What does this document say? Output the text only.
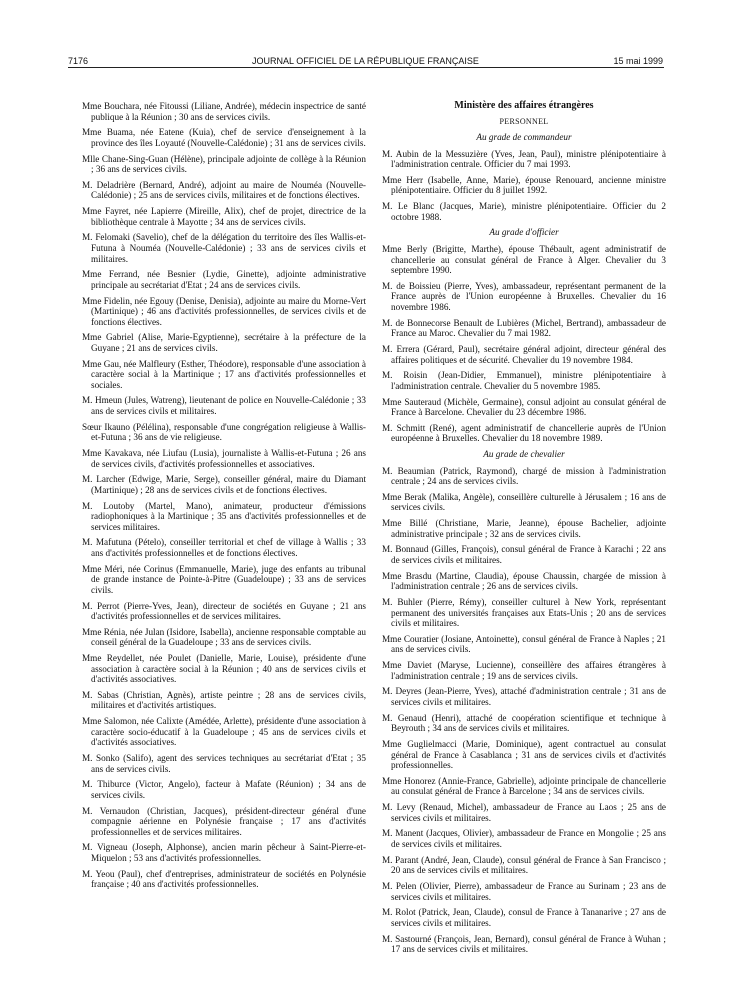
7176	JOURNAL OFFICIEL DE LA RÉPUBLIQUE FRANÇAISE	15 mai 1999

Mme Bouchara, née Fitoussi (Liliane, Andrée), médecin inspectrice de santé publique à la Réunion ; 30 ans de services civils.

Mme Buama, née Eatene (Kuia), chef de service d'enseignement à la province des îles Loyauté (Nouvelle-Calédonie) ; 31 ans de services civils.

Mlle Chane-Sing-Guan (Hélène), principale adjointe de collège à la Réunion ; 36 ans de services civils.

M. Deladrière (Bernard, André), adjoint au maire de Nouméa (Nouvelle-Calédonie) ; 25 ans de services civils, militaires et de fonctions électives.

Mme Fayret, née Lapierre (Mireille, Alix), chef de projet, directrice de la bibliothèque centrale à Mayotte ; 34 ans de services civils.

M. Felomaki (Savelio), chef de la délégation du territoire des îles Wallis-et-Futuna à Nouméa (Nouvelle-Calédonie) ; 33 ans de services civils et militaires.

Mme Ferrand, née Besnier (Lydie, Ginette), adjointe administrative principale au secrétariat d'Etat ; 24 ans de services civils.

Mme Fidelin, née Egouy (Denise, Denisia), adjointe au maire du Morne-Vert (Martinique) ; 46 ans d'activités professionnelles, de services civils et de fonctions électives.

Mme Gabriel (Alise, Marie-Egyptienne), secrétaire à la préfecture de la Guyane ; 21 ans de services civils.

Mme Gau, née Malfleury (Esther, Théodore), responsable d'une association à caractère social à la Martinique ; 17 ans d'activités professionnelles et sociales.

M. Hmeun (Jules, Watreng), lieutenant de police en Nouvelle-Calédonie ; 33 ans de services civils et militaires.

Sœur Ikauno (Pélélina), responsable d'une congrégation religieuse à Wallis-et-Futuna ; 36 ans de vie religieuse.

Mme Kavakava, née Liufau (Lusia), journaliste à Wallis-et-Futuna ; 26 ans de services civils, d'activités professionnelles et associatives.

M. Larcher (Edwige, Marie, Serge), conseiller général, maire du Diamant (Martinique) ; 28 ans de services civils et de fonctions électives.

M. Loutoby (Martel, Mano), animateur, producteur d'émissions radiophoniques à la Martinique ; 35 ans d'activités professionnelles et de services militaires.

M. Mafutuna (Pételo), conseiller territorial et chef de village à Wallis ; 33 ans d'activités professionnelles et de fonctions électives.

Mme Méri, née Corinus (Emmanuelle, Marie), juge des enfants au tribunal de grande instance de Pointe-à-Pitre (Guadeloupe) ; 33 ans de services civils.

M. Perrot (Pierre-Yves, Jean), directeur de sociétés en Guyane ; 21 ans d'activités professionnelles et de services militaires.

Mme Rénia, née Julan (Isidore, Isabella), ancienne responsable comptable au conseil général de la Guadeloupe ; 33 ans de services civils.

Mme Reydellet, née Poulet (Danielle, Marie, Louise), présidente d'une association à caractère social à la Réunion ; 40 ans de services civils et d'activités associatives.

M. Sabas (Christian, Agnès), artiste peintre ; 28 ans de services civils, militaires et d'activités artistiques.

Mme Salomon, née Calixte (Amédée, Arlette), présidente d'une association à caractère socio-éducatif à la Guadeloupe ; 45 ans de services civils et d'activités associatives.

M. Sonko (Salifo), agent des services techniques au secrétariat d'Etat ; 35 ans de services civils.

M. Thiburce (Victor, Angelo), facteur à Mafate (Réunion) ; 34 ans de services civils.

M. Vernaudon (Christian, Jacques), président-directeur général d'une compagnie aérienne en Polynésie française ; 17 ans d'activités professionnelles et de services militaires.

M. Vigneau (Joseph, Alphonse), ancien marin pêcheur à Saint-Pierre-et-Miquelon ; 53 ans d'activités professionnelles.

M. Yeou (Paul), chef d'entreprises, administrateur de sociétés en Polynésie française ; 40 ans d'activités professionnelles.

Ministère des affaires étrangères

PERSONNEL

Au grade de commandeur

M. Aubin de la Messuzière (Yves, Jean, Paul), ministre plénipotentiaire à l'administration centrale. Officier du 7 mai 1993.

Mme Herr (Isabelle, Anne, Marie), épouse Renouard, ancienne ministre plénipotentiaire. Officier du 8 juillet 1992.

M. Le Blanc (Jacques, Marie), ministre plénipotentiaire. Officier du 2 octobre 1988.

Au grade d'officier

Mme Berly (Brigitte, Marthe), épouse Thébault, agent administratif de chancellerie au consulat général de France à Alger. Chevalier du 3 septembre 1990.

M. de Boissieu (Pierre, Yves), ambassadeur, représentant permanent de la France auprès de l'Union européenne à Bruxelles. Chevalier du 16 novembre 1986.

M. de Bonnecorse Benault de Lubières (Michel, Bertrand), ambassadeur de France au Maroc. Chevalier du 7 mai 1982.

M. Errera (Gérard, Paul), secrétaire général adjoint, directeur général des affaires politiques et de sécurité. Chevalier du 19 novembre 1984.

M. Roisin (Jean-Didier, Emmanuel), ministre plénipotentiaire à l'administration centrale. Chevalier du 5 novembre 1985.

Mme Sauteraud (Michèle, Germaine), consul adjoint au consulat général de France à Barcelone. Chevalier du 23 décembre 1986.

M. Schmitt (René), agent administratif de chancellerie auprès de l'Union européenne à Bruxelles. Chevalier du 18 novembre 1989.

Au grade de chevalier

M. Beaumian (Patrick, Raymond), chargé de mission à l'administration centrale ; 24 ans de services civils.

Mme Berak (Malika, Angèle), conseillère culturelle à Jérusalem ; 16 ans de services civils.

Mme Billé (Christiane, Marie, Jeanne), épouse Bachelier, adjointe administrative principale ; 32 ans de services civils.

M. Bonnaud (Gilles, François), consul général de France à Karachi ; 22 ans de services civils et militaires.

Mme Brasdu (Martine, Claudia), épouse Chaussin, chargée de mission à l'administration centrale ; 26 ans de services civils.

M. Buhler (Pierre, Rémy), conseiller culturel à New York, représentant permanent des universités françaises aux Etats-Unis ; 20 ans de services civils et militaires.

Mme Couratier (Josiane, Antoinette), consul général de France à Naples ; 21 ans de services civils.

Mme Daviet (Maryse, Lucienne), conseillère des affaires étrangères à l'administration centrale ; 19 ans de services civils.

M. Deyres (Jean-Pierre, Yves), attaché d'administration centrale ; 31 ans de services civils et militaires.

M. Genaud (Henri), attaché de coopération scientifique et technique à Beyrouth ; 34 ans de services civils et militaires.

Mme Guglielmacci (Marie, Dominique), agent contractuel au consulat général de France à Casablanca ; 31 ans de services civils et d'activités professionnelles.

Mme Honorez (Annie-France, Gabrielle), adjointe principale de chancellerie au consulat général de France à Barcelone ; 34 ans de services civils.

M. Levy (Renaud, Michel), ambassadeur de France au Laos ; 25 ans de services civils et militaires.

M. Manent (Jacques, Olivier), ambassadeur de France en Mongolie ; 25 ans de services civils et militaires.

M. Parant (André, Jean, Claude), consul général de France à San Francisco ; 20 ans de services civils et militaires.

M. Pelen (Olivier, Pierre), ambassadeur de France au Surinam ; 23 ans de services civils et militaires.

M. Rolot (Patrick, Jean, Claude), consul de France à Tananarive ; 27 ans de services civils et militaires.

M. Sastourné (François, Jean, Bernard), consul général de France à Wuhan ; 17 ans de services civils et militaires.
